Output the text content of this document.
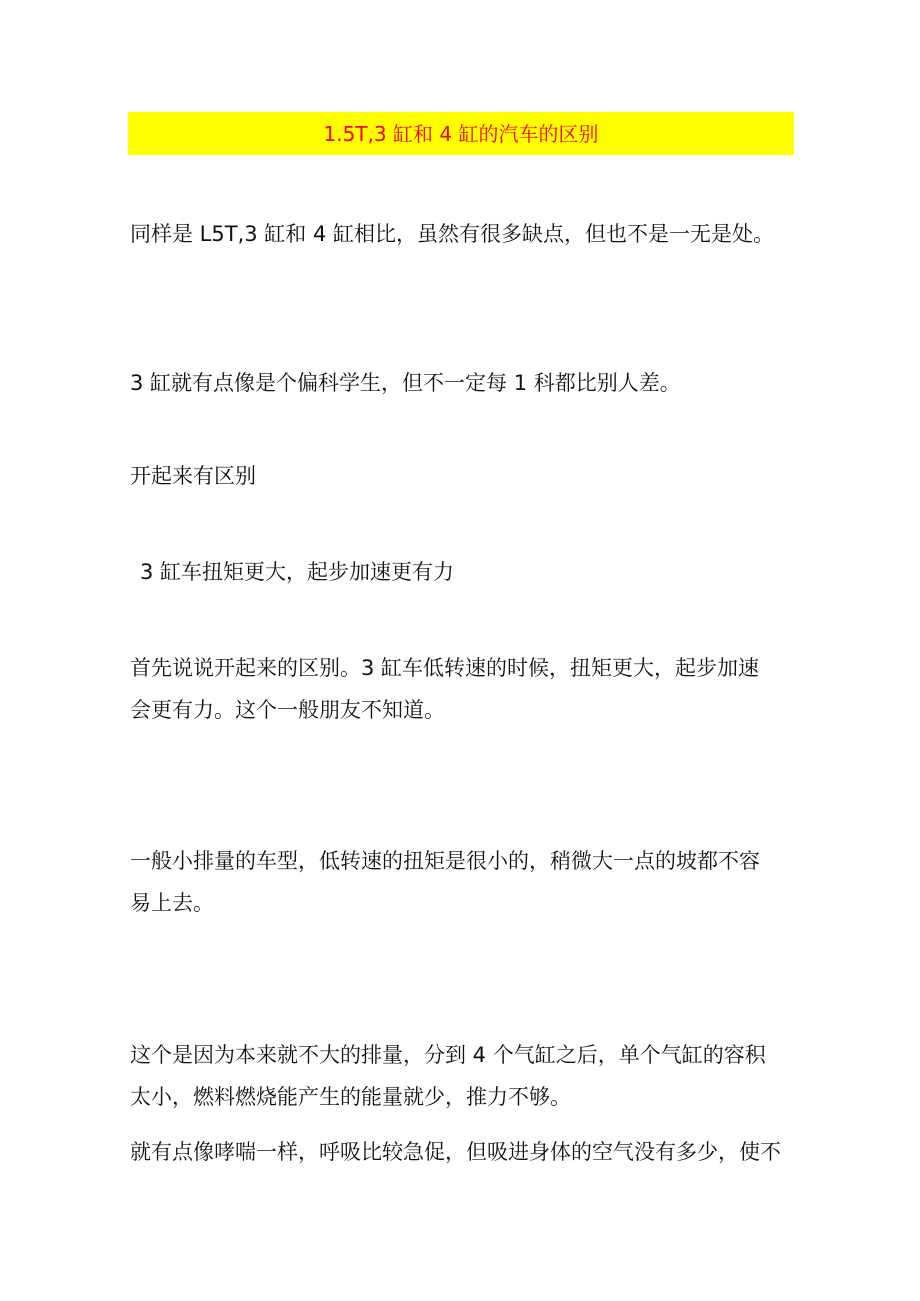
1.5T,3 缸和 4 缸的汽车的区别
同样是 L5T,3 缸和 4 缸相比，虽然有很多缺点，但也不是一无是处。
3 缸就有点像是个偏科学生，但不一定每 1 科都比别人差。
开起来有区别
3 缸车扭矩更大，起步加速更有力
首先说说开起来的区别。3 缸车低转速的时候，扭矩更大，起步加速
会更有力。这个一般朋友不知道。
一般小排量的车型，低转速的扭矩是很小的，稍微大一点的坡都不容
易上去。
这个是因为本来就不大的排量，分到 4 个气缸之后，单个气缸的容积
太小，燃料燃烧能产生的能量就少，推力不够。
就有点像哮喘一样，呼吸比较急促，但吸进身体的空气没有多少，使不
